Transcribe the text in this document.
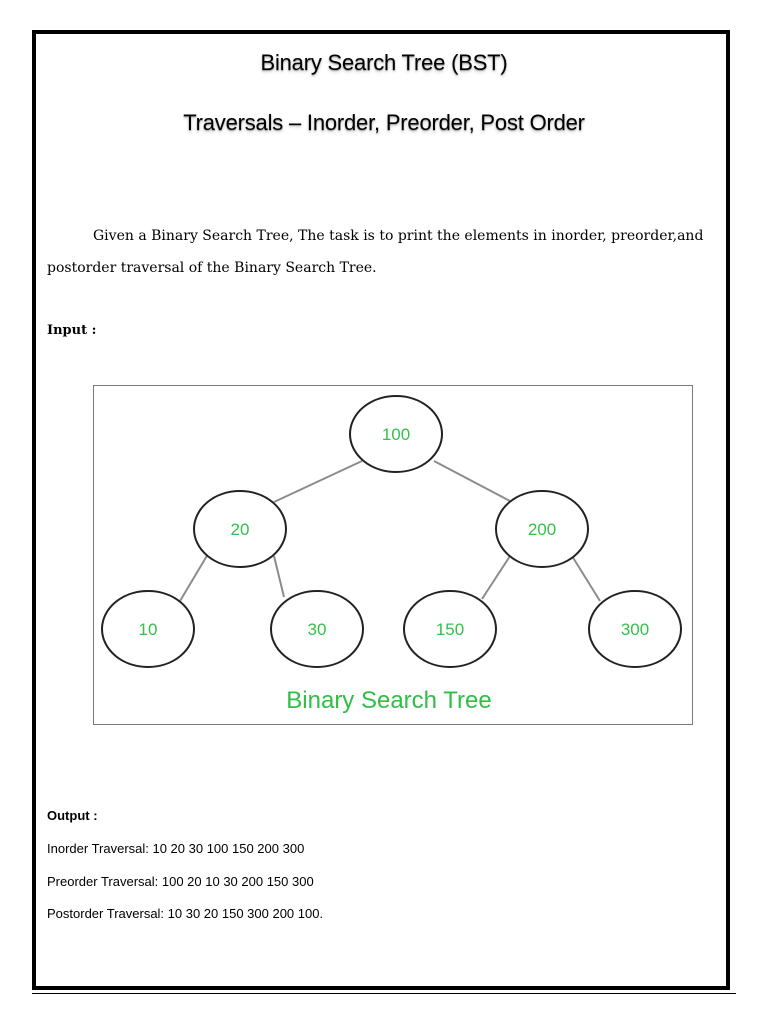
Binary Search Tree (BST)
Traversals – Inorder, Preorder, Post Order
Given a Binary Search Tree, The task is to print the elements in inorder, preorder,and
postorder traversal of the Binary Search Tree.
Input :
100
20	200
10	30	150	300
Binary Search Tree
Output :
Inorder Traversal: 10 20 30 100 150 200 300
Preorder Traversal: 100 20 10 30 200 150 300
Postorder Traversal: 10 30 20 150 300 200 100.
